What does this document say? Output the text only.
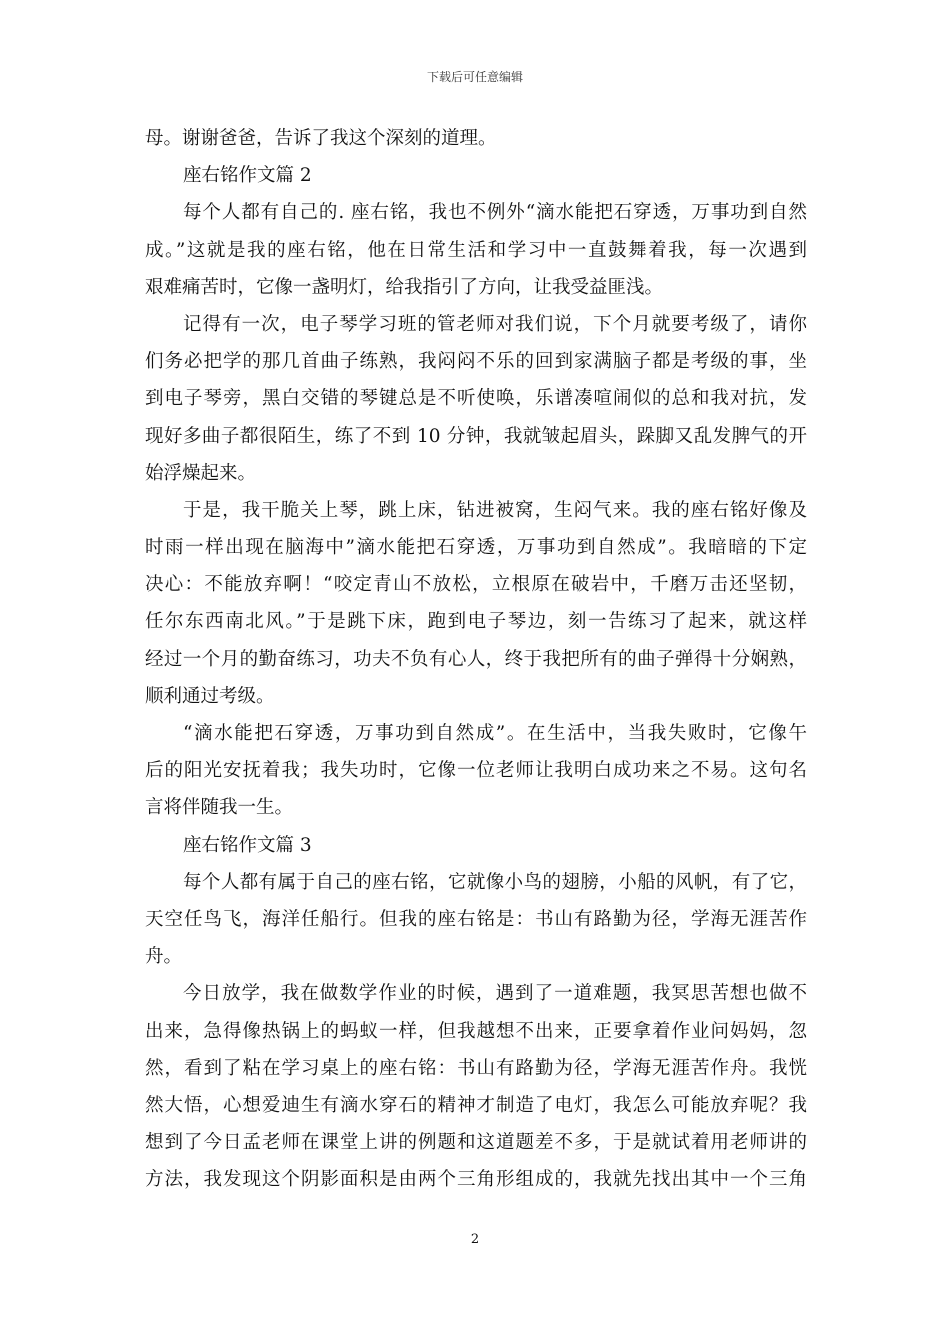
下载后可任意编辑
母。谢谢爸爸，告诉了我这个深刻的道理。
座右铭作文篇 2
每个人都有自己的. 座右铭，我也不例外“滴水能把石穿透，万事功到自然
成。”这就是我的座右铭，他在日常生活和学习中一直鼓舞着我，每一次遇到
艰难痛苦时，它像一盏明灯，给我指引了方向，让我受益匪浅。
记得有一次，电子琴学习班的管老师对我们说，下个月就要考级了，请你
们务必把学的那几首曲子练熟，我闷闷不乐的回到家满脑子都是考级的事，坐
到电子琴旁，黑白交错的琴键总是不听使唤，乐谱凑喧闹似的总和我对抗，发
现好多曲子都很陌生，练了不到 10 分钟，我就皱起眉头，跺脚又乱发脾气的开
始浮燥起来。
于是，我干脆关上琴，跳上床，钻进被窝，生闷气来。我的座右铭好像及
时雨一样出现在脑海中”滴水能把石穿透，万事功到自然成”。我暗暗的下定
决心：不能放弃啊！“咬定青山不放松，立根原在破岩中，千磨万击还坚韧，
任尔东西南北风。”于是跳下床，跑到电子琴边，刻一告练习了起来，就这样
经过一个月的勤奋练习，功夫不负有心人，终于我把所有的曲子弹得十分娴熟，
顺利通过考级。
“滴水能把石穿透，万事功到自然成”。在生活中，当我失败时，它像午
后的阳光安抚着我；我失功时，它像一位老师让我明白成功来之不易。这句名
言将伴随我一生。
座右铭作文篇 3
每个人都有属于自己的座右铭，它就像小鸟的翅膀，小船的风帆，有了它，
天空任鸟飞，海洋任船行。但我的座右铭是：书山有路勤为径，学海无涯苦作
舟。
今日放学，我在做数学作业的时候，遇到了一道难题，我冥思苦想也做不
出来，急得像热锅上的蚂蚁一样，但我越想不出来，正要拿着作业问妈妈，忽
然，看到了粘在学习桌上的座右铭：书山有路勤为径，学海无涯苦作舟。我恍
然大悟，心想爱迪生有滴水穿石的精神才制造了电灯，我怎么可能放弃呢？我
想到了今日孟老师在课堂上讲的例题和这道题差不多，于是就试着用老师讲的
方法，我发现这个阴影面积是由两个三角形组成的，我就先找出其中一个三角
2
